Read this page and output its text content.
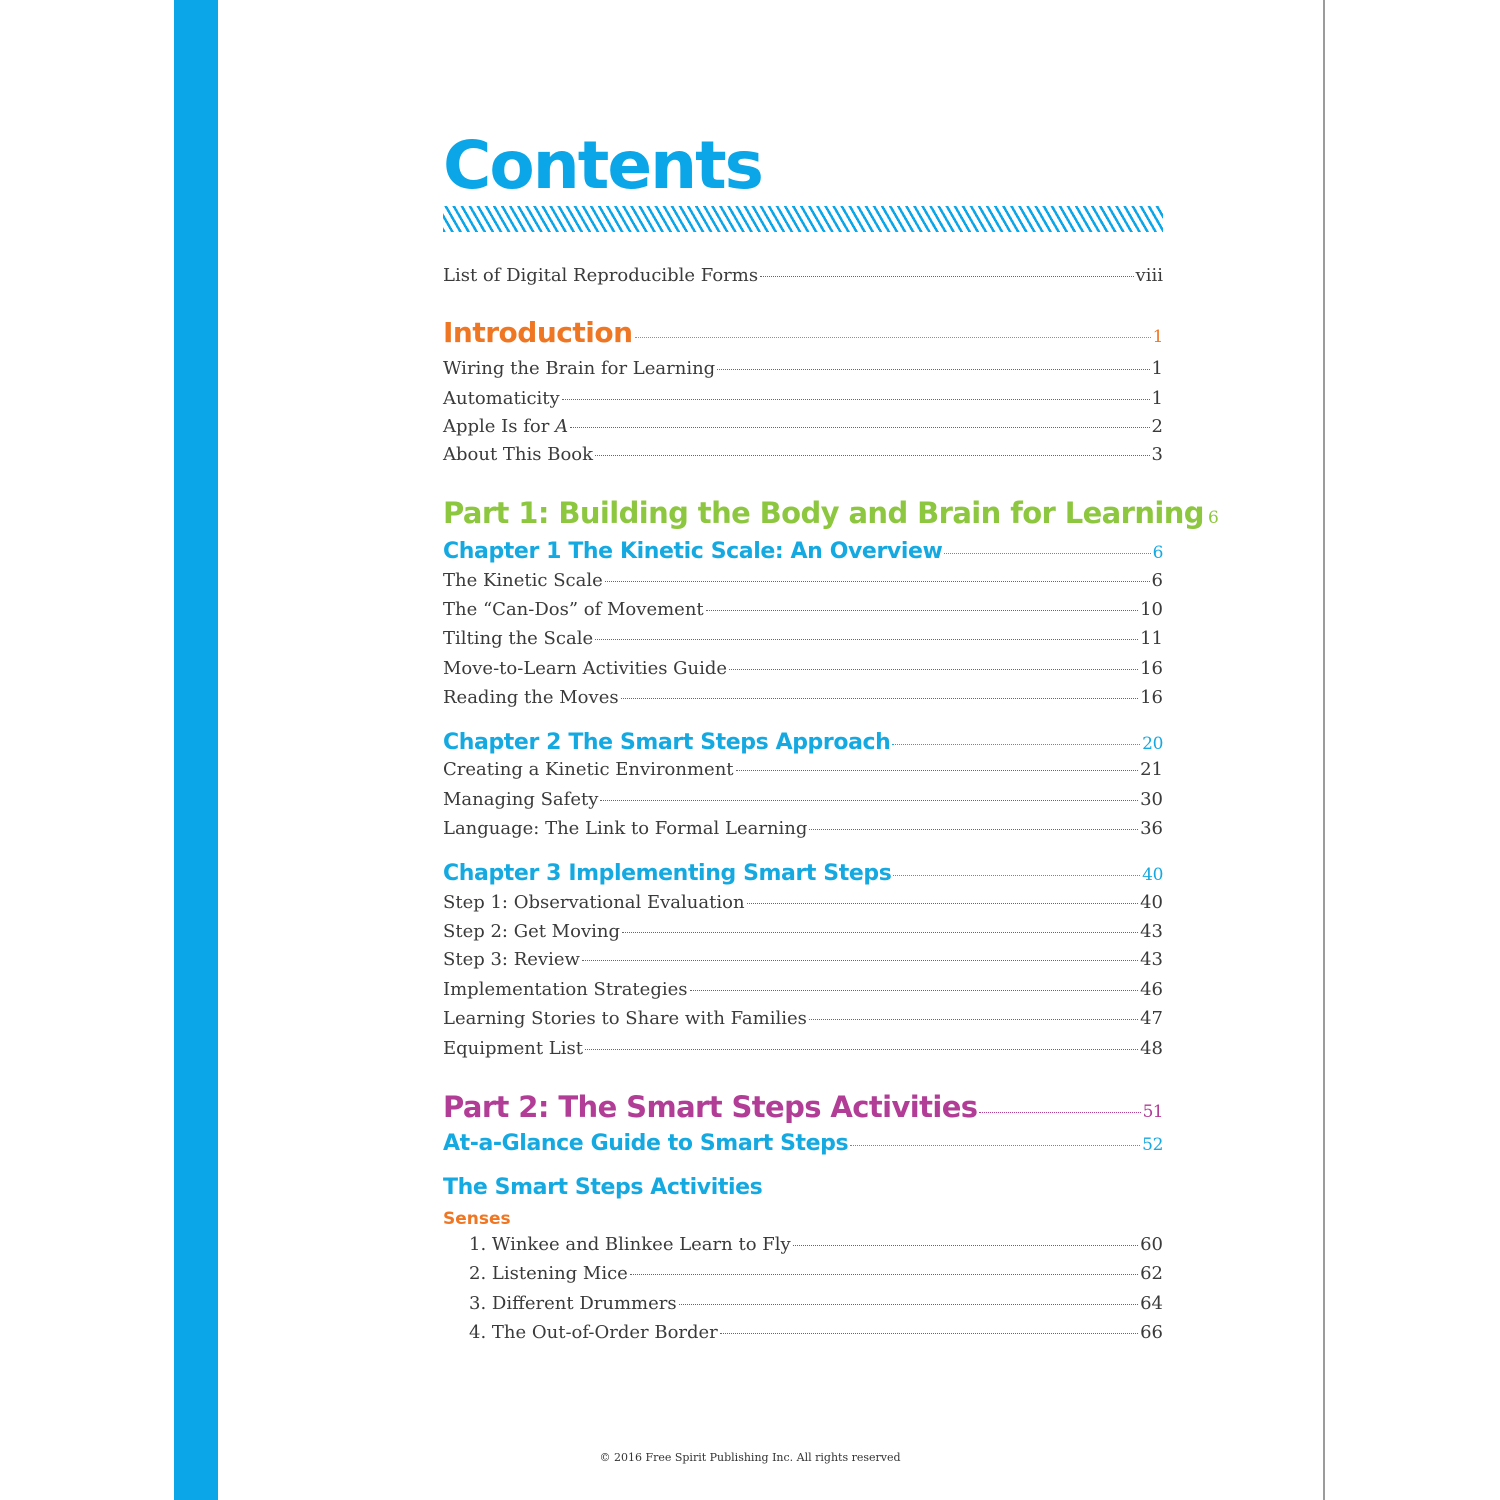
Contents
List of Digital Reproducible Forms	viii
Introduction	1
Wiring the Brain for Learning	1
Automaticity	1
Apple Is for A	2
About This Book	3
Part 1: Building the Body and Brain for Learning 6
Chapter 1 The Kinetic Scale: An Overview	6
The Kinetic Scale	6
The “Can-Dos” of Movement	10
Tilting the Scale	11
Move-to-Learn Activities Guide	16
Reading the Moves	16
Chapter 2 The Smart Steps Approach	20
Creating a Kinetic Environment	21
Managing Safety	30
Language: The Link to Formal Learning	36
Chapter 3 Implementing Smart Steps	40
Step 1: Observational Evaluation	40
Step 2: Get Moving	43
Step 3: Review	43
Implementation Strategies	46
Learning Stories to Share with Families	47
Equipment List	48
Part 2: The Smart Steps Activities	51
At-a-Glance Guide to Smart Steps	52
The Smart Steps Activities
Senses
1. Winkee and Blinkee Learn to Fly	60
2. Listening Mice	62
3. Different Drummers	64
4. The Out-of-Order Border	66
© 2016 Free Spirit Publishing Inc. All rights reserved
